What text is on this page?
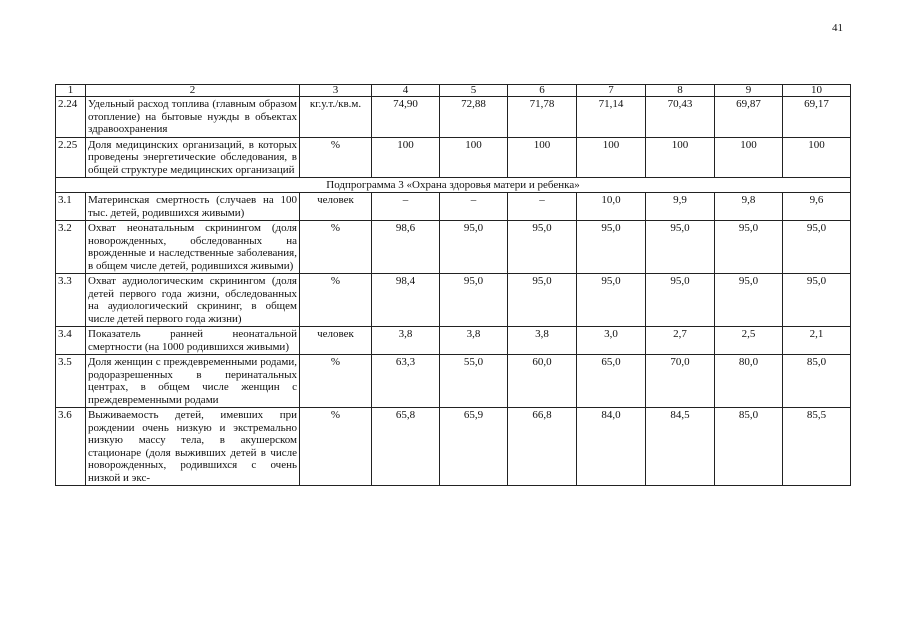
41
1	2	3	4	5	6	7	8	9	10
2.24	Удельный расход топлива (главным образом отопление) на бытовые нужды в объектах здравоохранения	кг.у.т./кв.м.	74,90	72,88	71,78	71,14	70,43	69,87	69,17
2.25	Доля медицинских организаций, в которых проведены энергетические обследования, в общей структуре медицинских организаций	%	100	100	100	100	100	100	100
Подпрограмма 3 «Охрана здоровья матери и ребенка»									
3.1	Материнская смертность (случаев на 100 тыс. детей, родившихся живыми)	человек	–	–	–	10,0	9,9	9,8	9,6
3.2	Охват неонатальным скринингом (доля новорожденных, обследованных на врожденные и наследственные заболевания, в общем числе детей, родившихся живыми)	%	98,6	95,0	95,0	95,0	95,0	95,0	95,0
3.3	Охват аудиологическим скринингом (доля детей первого года жизни, обследованных на аудиологический скрининг, в общем числе детей первого года жизни)	%	98,4	95,0	95,0	95,0	95,0	95,0	95,0
3.4	Показатель ранней неонатальной смертности (на 1000 родившихся живыми)	человек	3,8	3,8	3,8	3,0	2,7	2,5	2,1
3.5	Доля женщин с преждевременными родами, родоразрешенных в перинатальных центрах, в общем числе женщин с преждевременными родами	%	63,3	55,0	60,0	65,0	70,0	80,0	85,0
3.6	Выживаемость детей, имевших при рождении очень низкую и экстремально низкую массу тела, в акушерском стационаре (доля выживших детей в числе новорожденных, родившихся с очень низкой и экс-	%	65,8	65,9	66,8	84,0	84,5	85,0	85,5
